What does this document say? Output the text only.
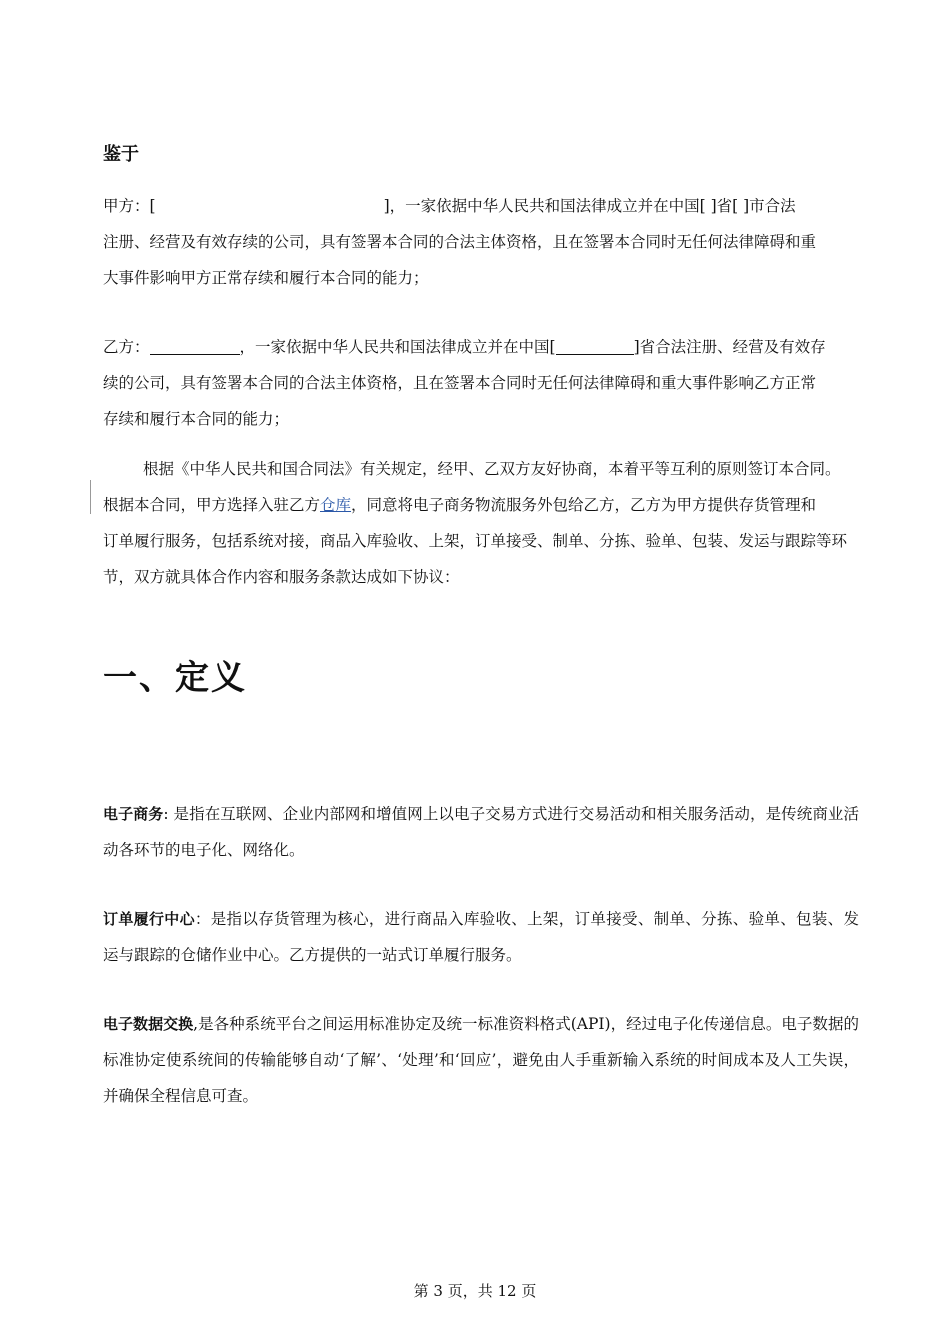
鉴于
甲方：[	]，一家依据中华人民共和国法律成立并在中国[ ]省[ ]市合法
注册、经营及有效存续的公司，具有签署本合同的合法主体资格，且在签署本合同时无任何法律障碍和重
大事件影响甲方正常存续和履行本合同的能力；
乙方：	，一家依据中华人民共和国法律成立并在中国[	]省合法注册、经营及有效存
续的公司，具有签署本合同的合法主体资格，且在签署本合同时无任何法律障碍和重大事件影响乙方正常
存续和履行本合同的能力；
根据《中华人民共和国合同法》有关规定，经甲、乙双方友好协商，本着平等互利的原则签订本合同。
根据本合同，甲方选择入驻乙方仓库，同意将电子商务物流服务外包给乙方，乙方为甲方提供存货管理和
订单履行服务，包括系统对接，商品入库验收、上架，订单接受、制单、分拣、验单、包装、发运与跟踪等环
节，双方就具体合作内容和服务条款达成如下协议：
一、定义
电子商务: 是指在互联网、企业内部网和增值网上以电子交易方式进行交易活动和相关服务活动，是传统商业活动各环节的电子化、网络化。
订单履行中心：是指以存货管理为核心，进行商品入库验收、上架，订单接受、制单、分拣、验单、包装、发运与跟踪的仓储作业中心。乙方提供的一站式订单履行服务。
电子数据交换,是各种系统平台之间运用标准协定及统一标准资料格式(API)，经过电子化传递信息。电子数据的标准协定使系统间的传输能够自动‘了解’、‘处理’和‘回应’，避免由人手重新输入系统的时间成本及人工失误，并确保全程信息可查。
第 3 页，共 12 页
